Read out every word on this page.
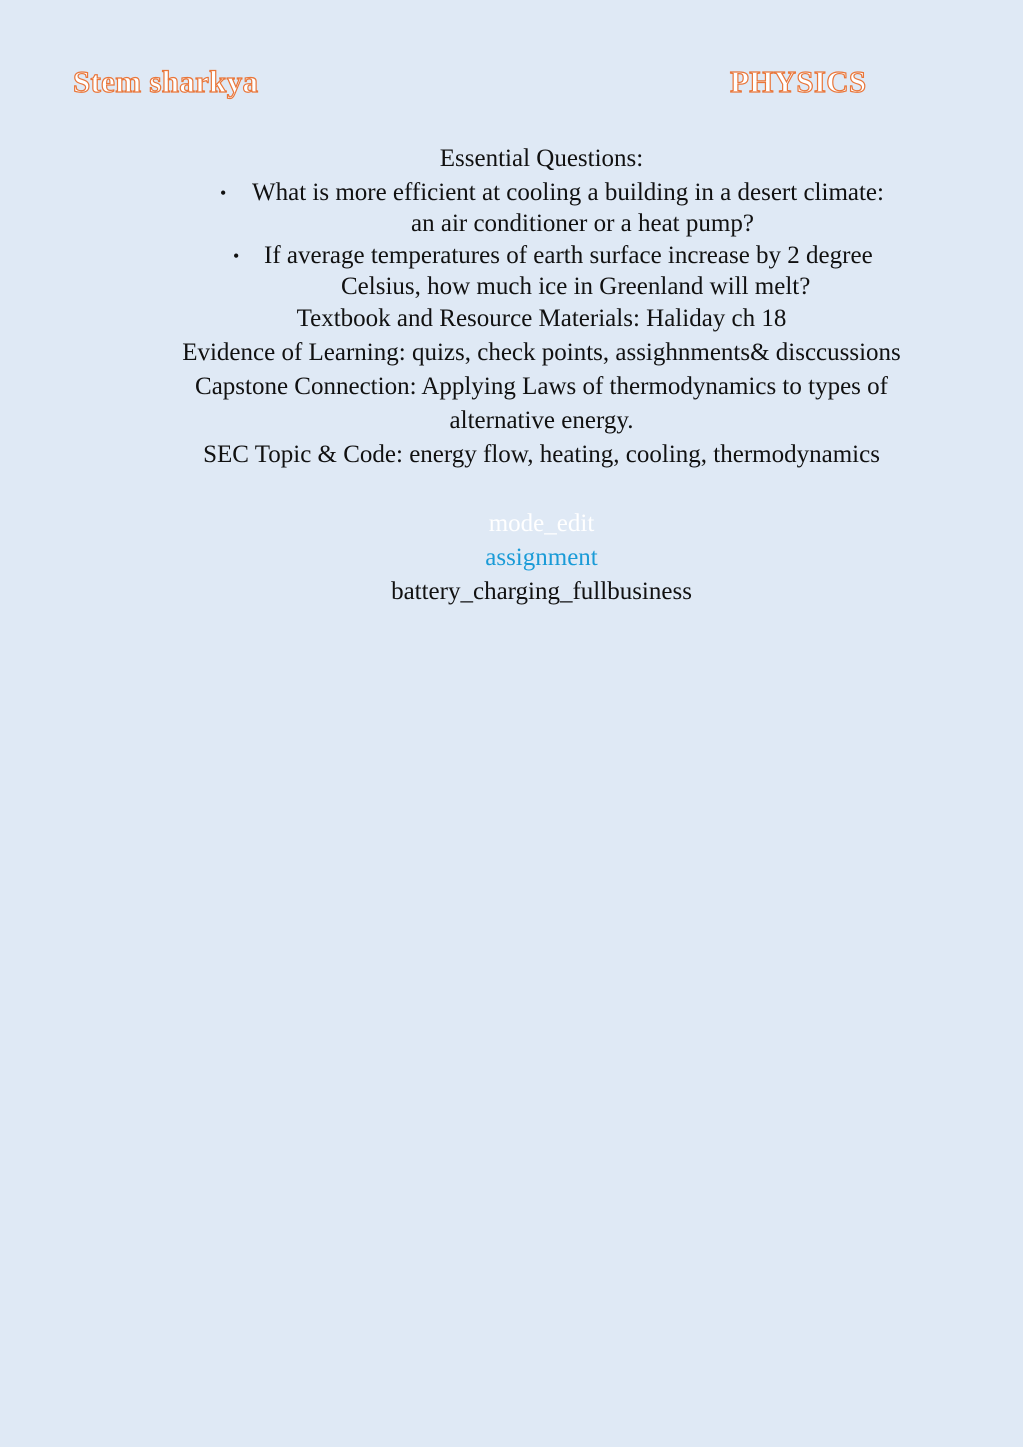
Stem sharkya	PHYSICS
Essential Questions:
• What is more efficient at cooling a building in a desert climate:
an air conditioner or a heat pump?
• If average temperatures of earth surface increase by 2 degree
Celsius, how much ice in Greenland will melt?
Textbook and Resource Materials: Haliday ch 18
Evidence of Learning: quizs, check points, assighnments& disccussions
Capstone Connection: Applying Laws of thermodynamics to types of
alternative energy.
SEC Topic & Code: energy flow, heating, cooling, thermodynamics
mode_edit
assignment
battery_charging_fullbusiness
